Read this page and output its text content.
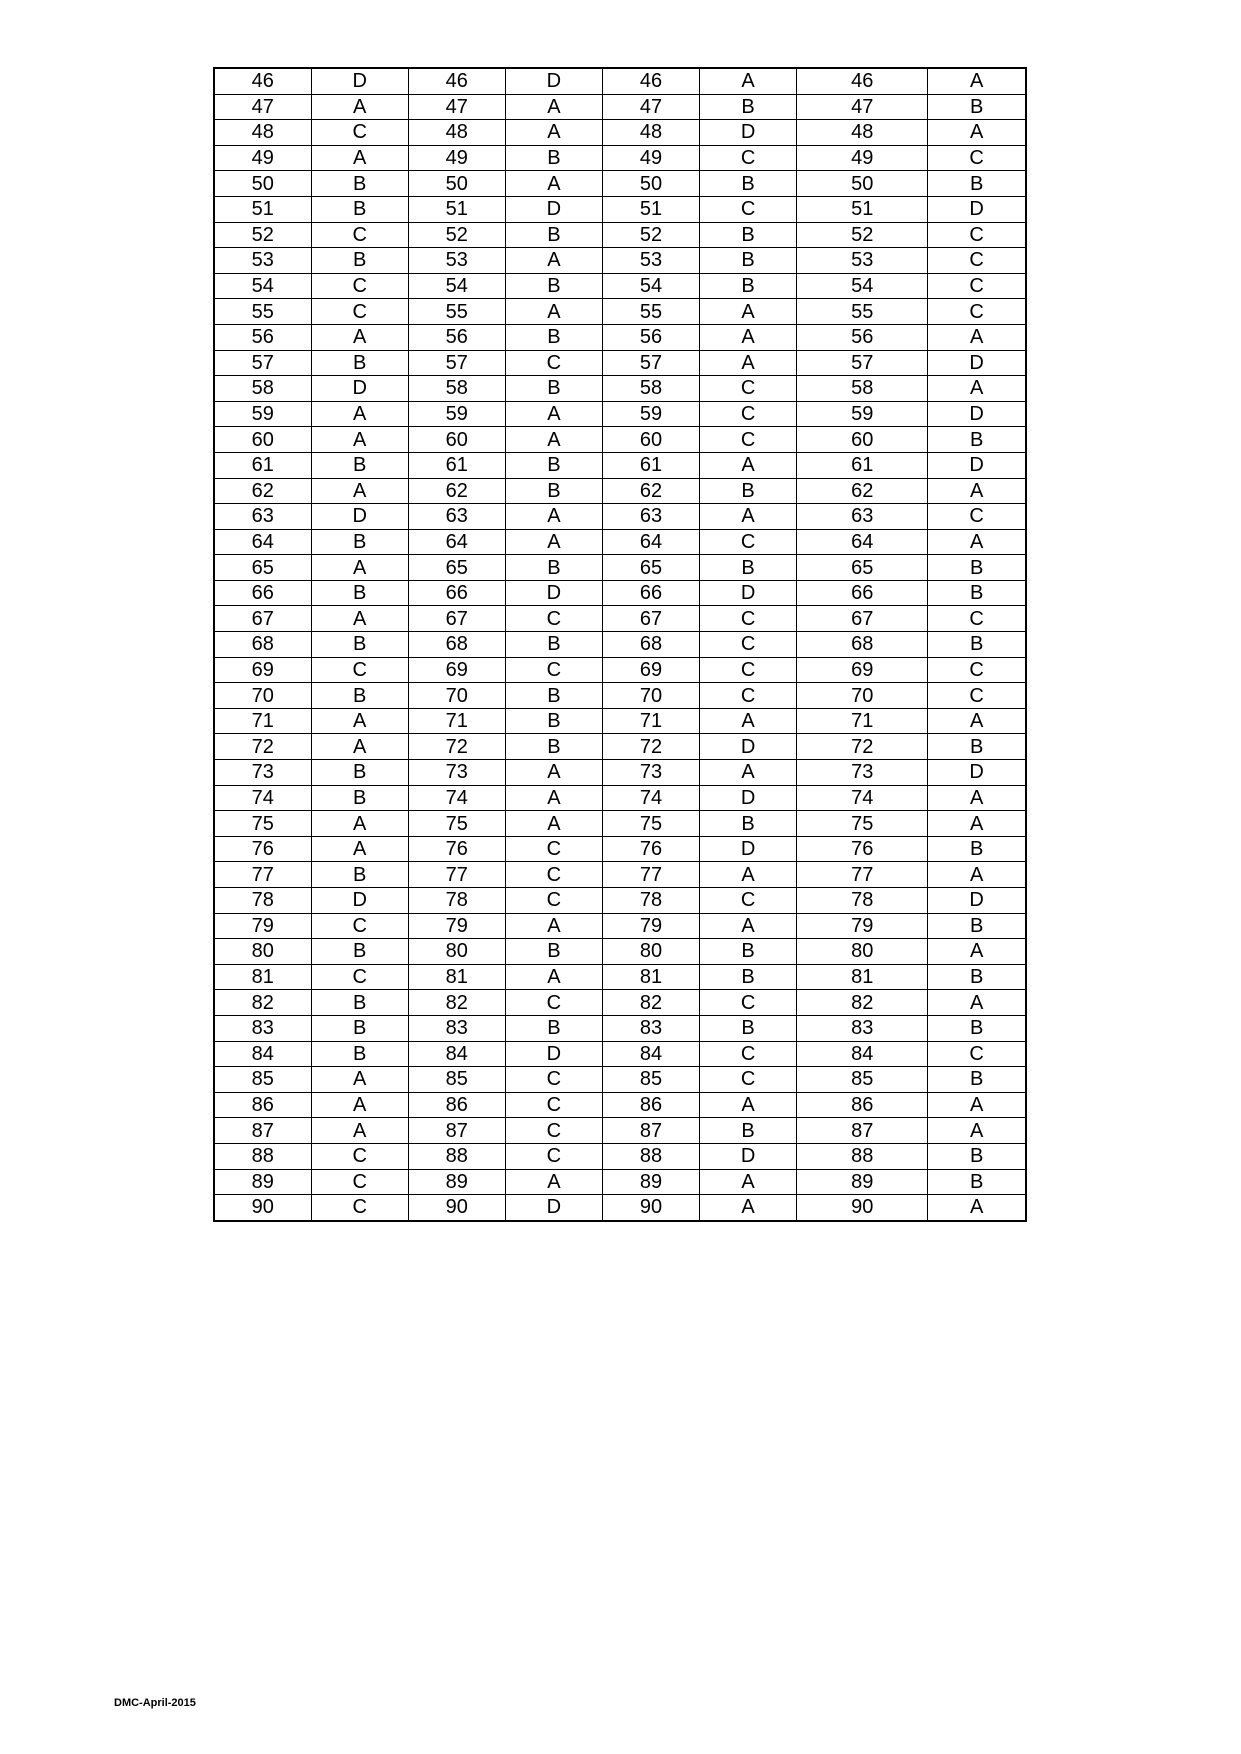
46	D	46	D	46	A	46	A
47	A	47	A	47	B	47	B
48	C	48	A	48	D	48	A
49	A	49	B	49	C	49	C
50	B	50	A	50	B	50	B
51	B	51	D	51	C	51	D
52	C	52	B	52	B	52	C
53	B	53	A	53	B	53	C
54	C	54	B	54	B	54	C
55	C	55	A	55	A	55	C
56	A	56	B	56	A	56	A
57	B	57	C	57	A	57	D
58	D	58	B	58	C	58	A
59	A	59	A	59	C	59	D
60	A	60	A	60	C	60	B
61	B	61	B	61	A	61	D
62	A	62	B	62	B	62	A
63	D	63	A	63	A	63	C
64	B	64	A	64	C	64	A
65	A	65	B	65	B	65	B
66	B	66	D	66	D	66	B
67	A	67	C	67	C	67	C
68	B	68	B	68	C	68	B
69	C	69	C	69	C	69	C
70	B	70	B	70	C	70	C
71	A	71	B	71	A	71	A
72	A	72	B	72	D	72	B
73	B	73	A	73	A	73	D
74	B	74	A	74	D	74	A
75	A	75	A	75	B	75	A
76	A	76	C	76	D	76	B
77	B	77	C	77	A	77	A
78	D	78	C	78	C	78	D
79	C	79	A	79	A	79	B
80	B	80	B	80	B	80	A
81	C	81	A	81	B	81	B
82	B	82	C	82	C	82	A
83	B	83	B	83	B	83	B
84	B	84	D	84	C	84	C
85	A	85	C	85	C	85	B
86	A	86	C	86	A	86	A
87	A	87	C	87	B	87	A
88	C	88	C	88	D	88	B
89	C	89	A	89	A	89	B
90	C	90	D	90	A	90	A
DMC-April-2015
